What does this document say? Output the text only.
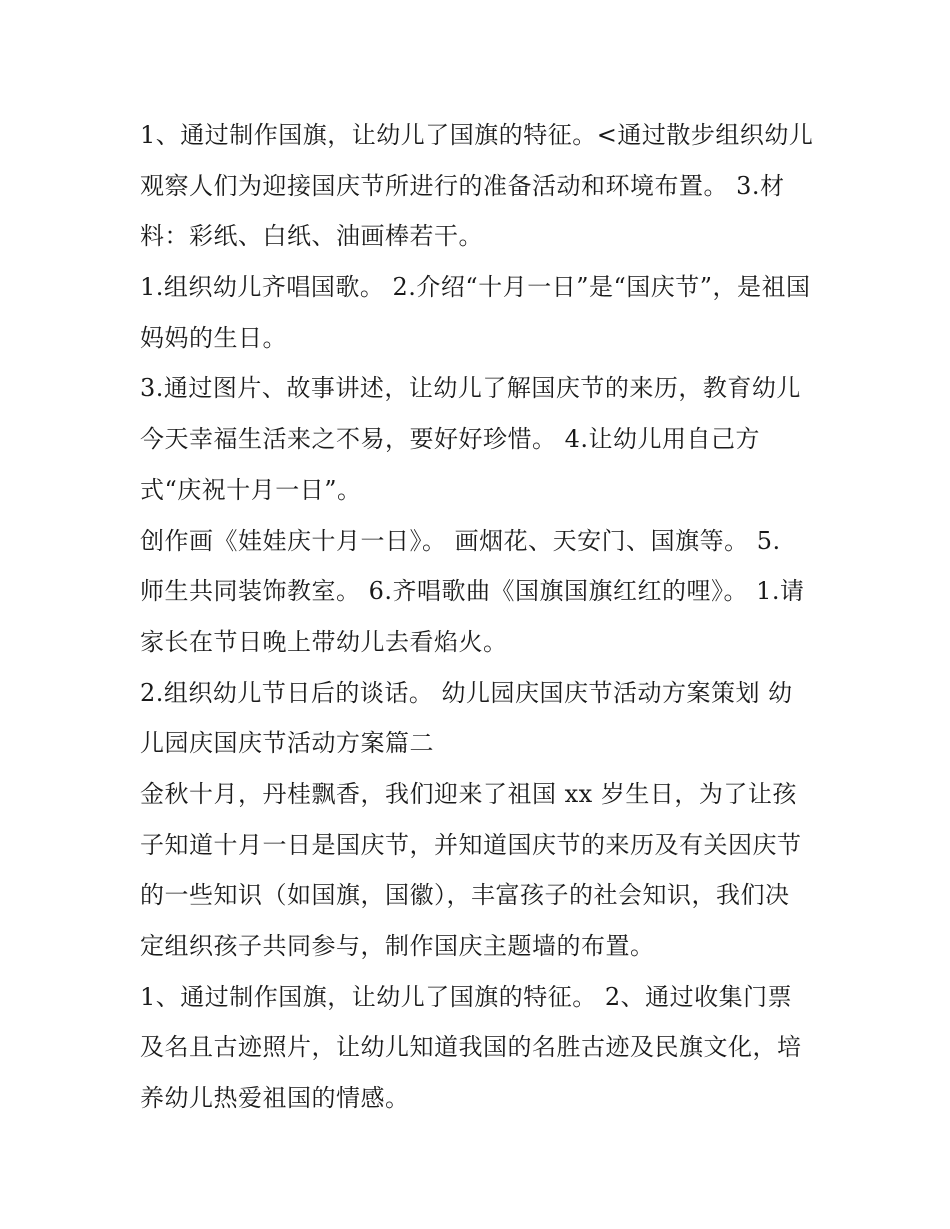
1、通过制作国旗，让幼儿了国旗的特征。<通过散步组织幼儿
观察人们为迎接国庆节所进行的准备活动和环境布置。 3.材
料：彩纸、白纸、油画棒若干。
1.组织幼儿齐唱国歌。 2.介绍“十月一日”是“国庆节”，是祖国
妈妈的生日。
3.通过图片、故事讲述，让幼儿了解国庆节的来历，教育幼儿
今天幸福生活来之不易，要好好珍惜。 4.让幼儿用自己方
式“庆祝十月一日”。
创作画《娃娃庆十月一日》。 画烟花、天安门、国旗等。 5.
师生共同装饰教室。 6.齐唱歌曲《国旗国旗红红的哩》。 1.请
家长在节日晚上带幼儿去看焰火。
2.组织幼儿节日后的谈话。 幼儿园庆国庆节活动方案策划 幼
儿园庆国庆节活动方案篇二
金秋十月，丹桂飘香，我们迎来了祖国 xx 岁生日，为了让孩
子知道十月一日是国庆节，并知道国庆节的来历及有关因庆节
的一些知识（如国旗，国徽），丰富孩子的社会知识，我们决
定组织孩子共同参与，制作国庆主题墙的布置。
1、通过制作国旗，让幼儿了国旗的特征。 2、通过收集门票
及名且古迹照片，让幼儿知道我国的名胜古迹及民旗文化，培
养幼儿热爱祖国的情感。
